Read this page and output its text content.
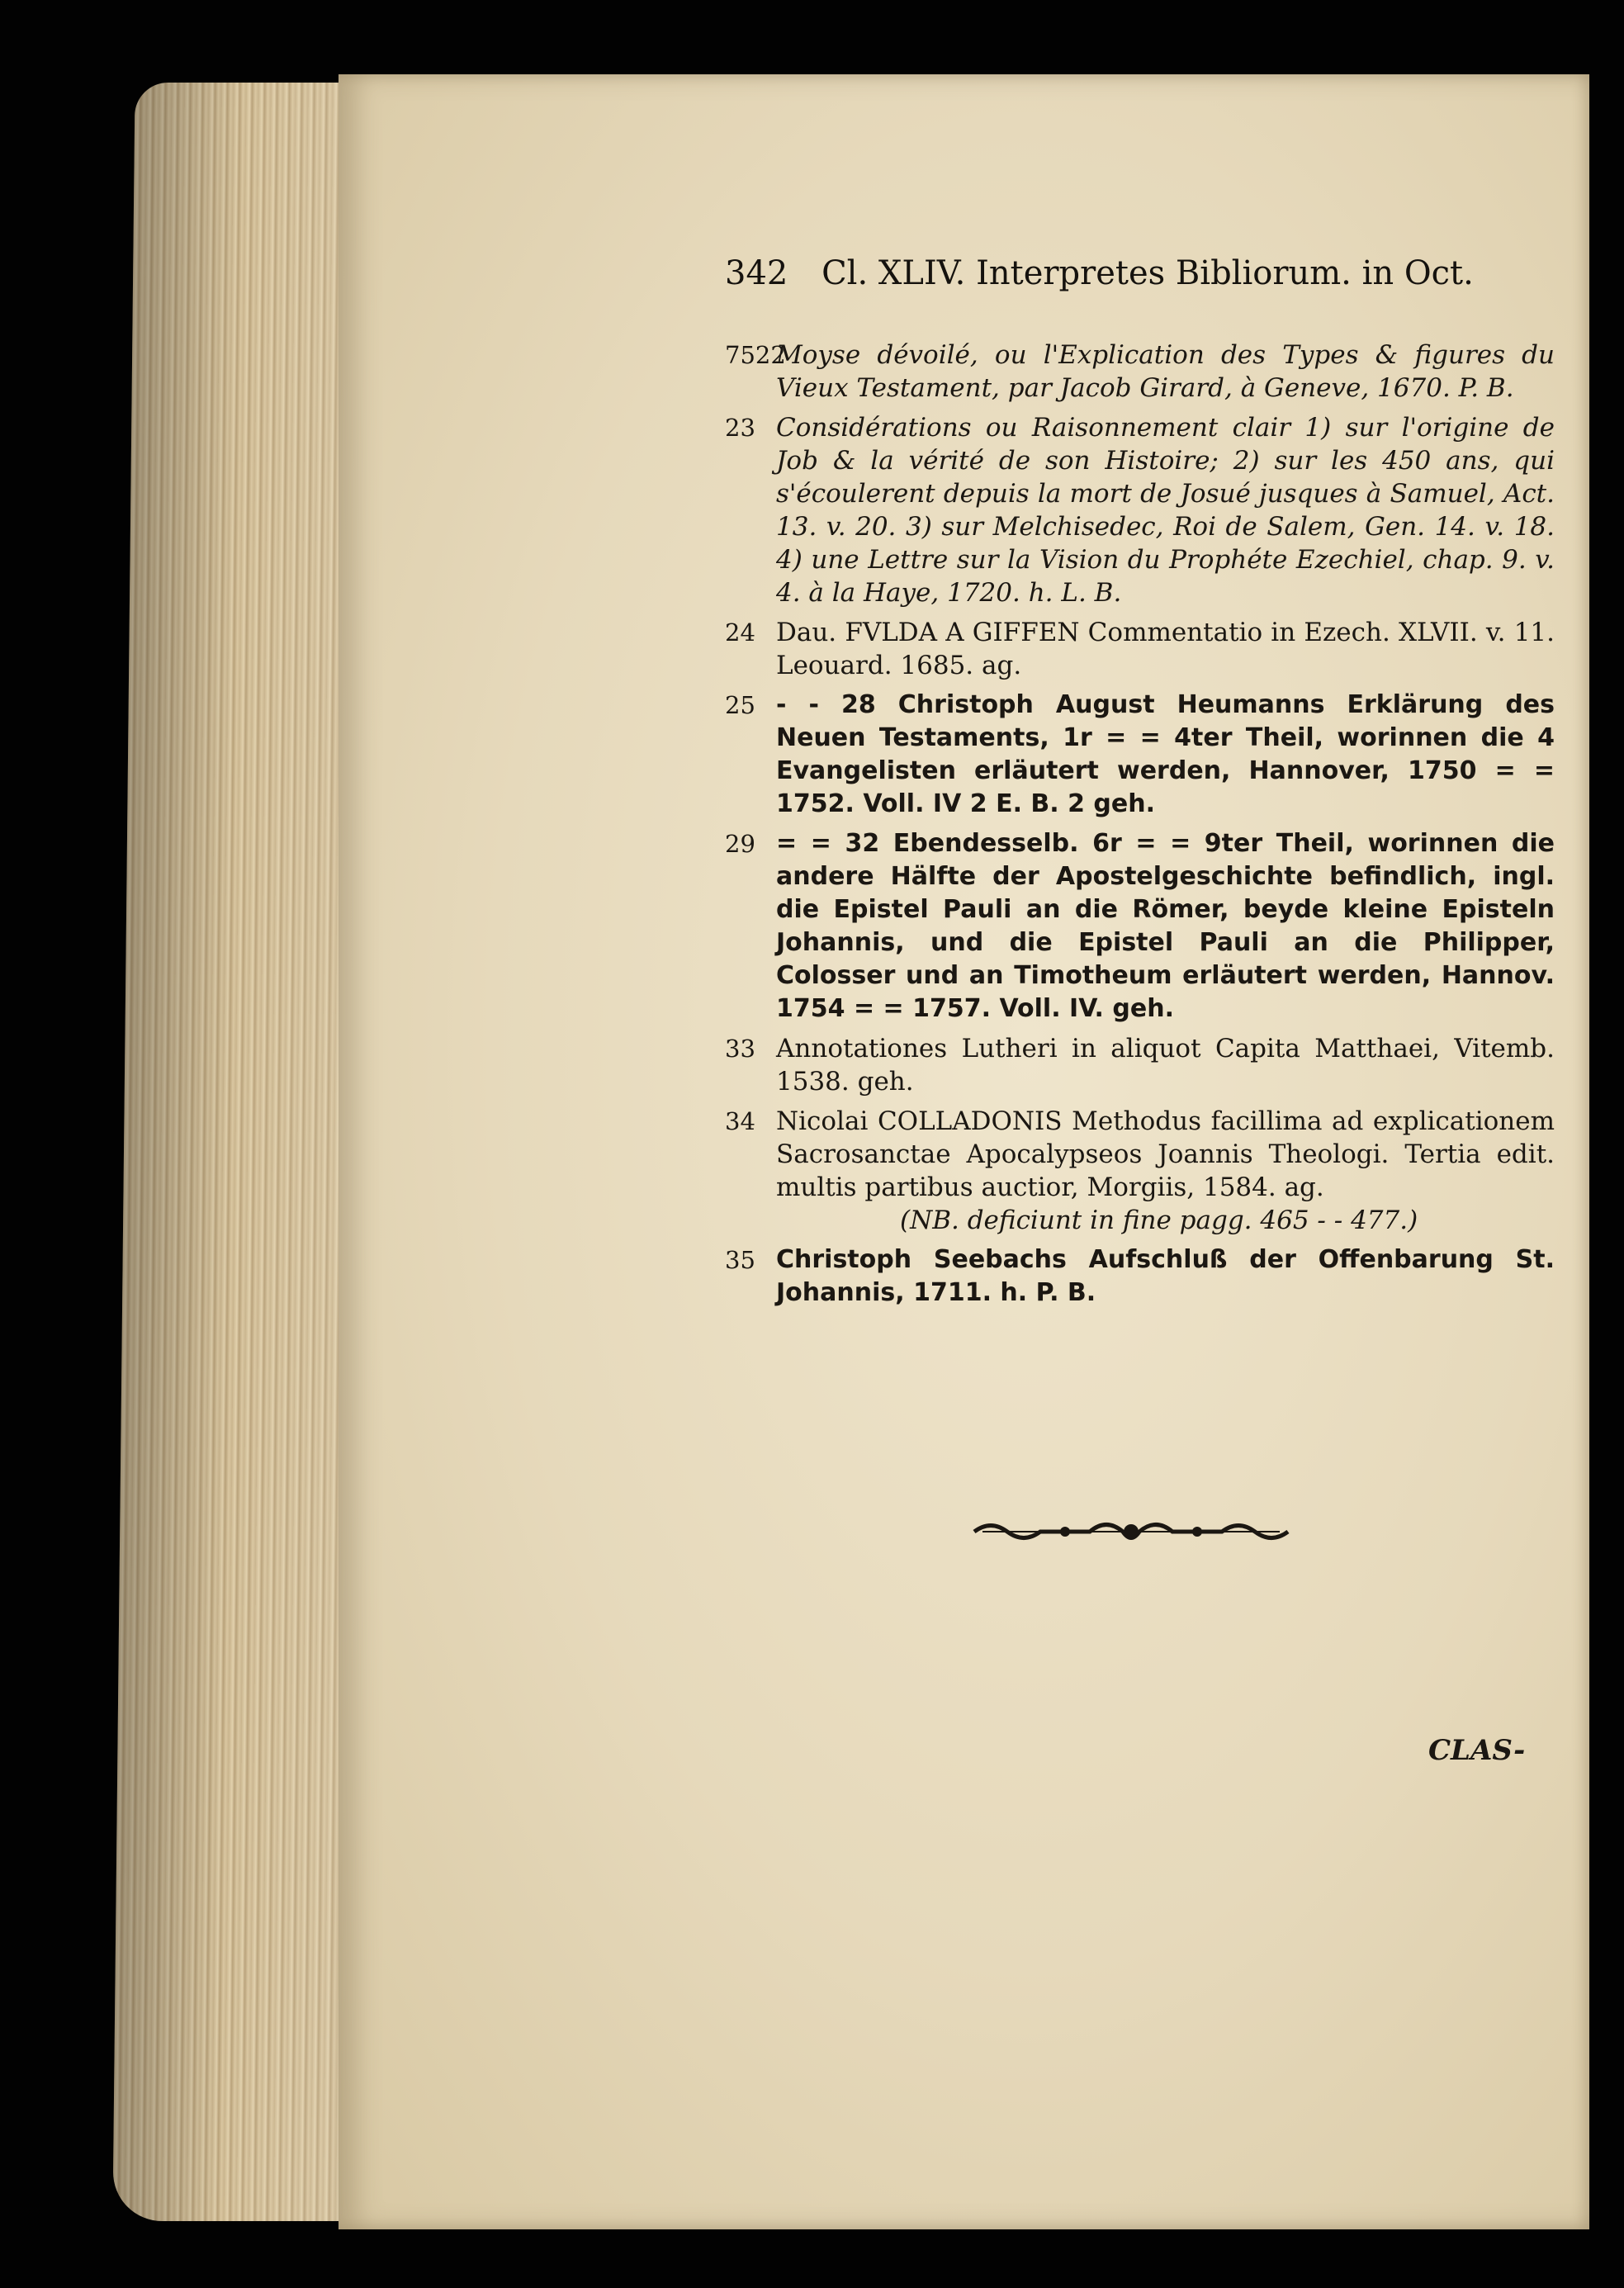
342 Cl. XLIV. Interpretes Bibliorum. in Oct.
7522
Moyse dévoilé, ou l'Explication des Types & figures du Vieux Testament, par Jacob Girard, à Geneve, 1670. P. B.
23 Considérations ou Raisonnement clair 1) sur l'origine de Job & la vérité de son Histoire; 2) sur les 450 ans, qui s'écoulerent depuis la mort de Josué jusques à Samuel, Act. 13. v. 20. 3) sur Melchisedec, Roi de Salem, Gen. 14. v. 18. 4) une Lettre sur la Vision du Prophéte Ezechiel, chap. 9. v. 4. à la Haye, 1720. h. L. B.
24 Dau. FVLDA A GIFFEN Commentatio in Ezech. XLVII. v. 11. Leouard. 1685. ag.
25 - - 28 Christoph August Heumanns Erklärung des Neuen Testaments, 1r = = 4ter Theil, worinnen die 4 Evangelisten erläutert werden, Hannover, 1750 = = 1752. Voll. IV 2 E. B. 2 geh.
29 = = 32 Ebendesselb. 6r = = 9ter Theil, worinnen die andere Hälfte der Apostelgeschichte befindlich, ingl. die Epistel Pauli an die Römer, beyde kleine Episteln Johannis, und die Epistel Pauli an die Philipper, Colosser und an Timotheum erläutert werden, Hannov. 1754 = = 1757. Voll. IV. geh.
33 Annotationes Lutheri in aliquot Capita Matthaei, Vitemb. 1538. geh.
34 Nicolai COLLADONIS Methodus facillima ad explicationem Sacrosanctae Apocalypseos Joannis Theologi. Tertia edit. multis partibus auctior, Morgiis, 1584. ag.
(NB. deficiunt in fine pagg. 465 - - 477.)
35 Christoph Seebachs Aufschluß der Offenbarung St. Johannis, 1711. h. P. B.
CLAS-
